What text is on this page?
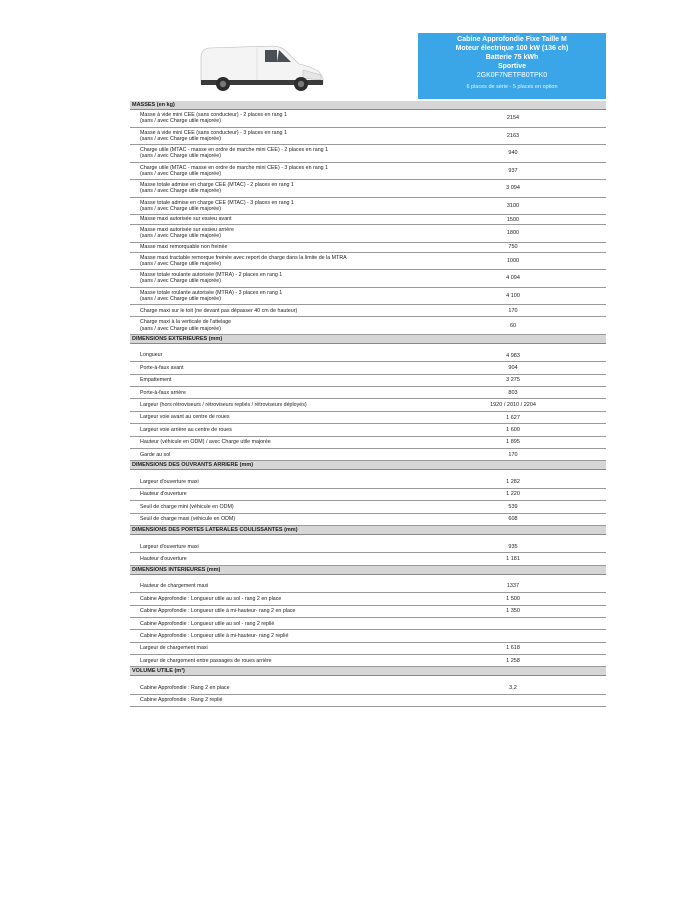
Cabine Approfondie Fixe Taille M
Moteur électrique 100 kW (136 ch)
Batterie 75 kWh
Sportive
2GK0F7NETFB0TPK0
6 places de série - 5 places en option
MASSES (en kg)
Masse à vide mini CEE (sans conducteur) - 2 places en rang 1
(sans / avec Charge utile majorée)	2154
Masse à vide mini CEE (sans conducteur) - 3 places en rang 1
(sans / avec Charge utile majorée)	2163
Charge utile (MTAC - masse en ordre de marche mini CEE) - 2 places en rang 1
(sans / avec Charge utile majorée)	940
Charge utile (MTAC - masse en ordre de marche mini CEE) - 3 places en rang 1
(sans / avec Charge utile majorée)	937
Masse totale admise en charge CEE (MTAC) - 2 places en rang 1
(sans / avec Charge utile majorée)	3 094
Masse totale admise en charge CEE (MTAC) - 3 places en rang 1
(sans / avec Charge utile majorée)	3100
Masse maxi autorisée sur essieu avant	1500
Masse maxi autorisée sur essieu arrière
(sans / avec Charge utile majorée)	1800
Masse maxi remorquable non freinée	750
Masse maxi tractable remorque freinée avec report de charge dans la limite de la MTRA
(sans / avec Charge utile majorée)	1000
Masse totale roulante autorisée (MTRA) - 2 places en rang 1
(sans / avec Charge utile majorée)	4 094
Masse totale roulante autorisée (MTRA) - 3 places en rang 1
(sans / avec Charge utile majorée)	4 100
Charge maxi sur le toit (ne devant pas dépasser 40 cm de hauteur)	170
Charge maxi à la verticale de l'attelage
(sans / avec Charge utile majorée)	60
DIMENSIONS EXTERIEURES (mm)
Longueur	4 983
Porte-à-faux avant	904
Empattement	3 275
Porte-à-faux arrière	803
Largeur (hors rétroviseurs / rétroviseurs repliés / rétroviseurs déployés)	1920 / 2010 / 2204
Largeur voie avant au centre de roues	1 627
Largeur voie arrière au centre de roues	1 600
Hauteur (véhicule en ODM) / avec Charge utile majorée	1 895
Garde au sol	170
DIMENSIONS DES OUVRANTS ARRIERE (mm)
Largeur d'ouverture maxi	1 282
Hauteur d'ouverture	1 220
Seuil de charge mini (véhicule en ODM)	539
Seuil de charge maxi (véhicule en ODM)	608
DIMENSIONS DES PORTES LATERALES COULISSANTES (mm)
Largeur d'ouverture maxi	935
Hauteur d'ouverture	1 181
DIMENSIONS INTERIEURES (mm)
Hauteur de chargement maxi	1337
Cabine Approfondie : Longueur utile au sol - rang 2 en place	1 500
Cabine Approfondie : Longueur utile à mi-hauteur- rang 2 en place	1 350
Cabine Approfondie : Longueur utile au sol - rang 2 replié
Cabine Approfondie : Longueur utile à mi-hauteur- rang 2 replié
Largeur de chargement maxi	1 618
Largeur de chargement entre passages de roues arrière	1 258
VOLUME UTILE (m³)
Cabine Approfondie : Rang 2 en place	3,2
Cabine Approfondie : Rang 2 replié
